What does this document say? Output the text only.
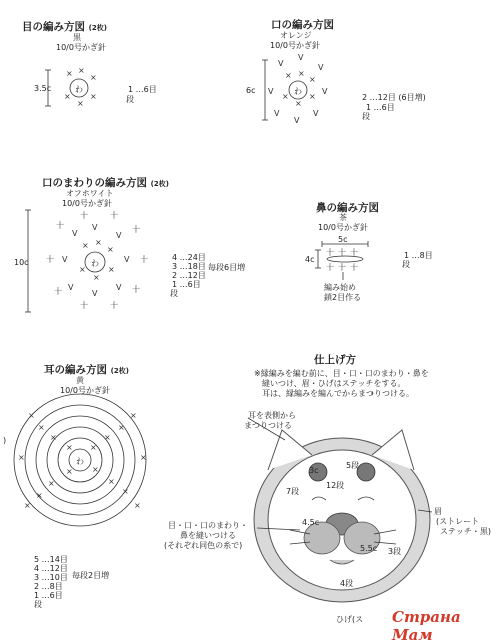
× ×
×
×
×
×
× ×
×
×
×
×
V
V
V
V
V
V
V
V
× ×
×
×
×
×
V
V
V
V
V
V
V
V
十
十	十
十
十
十
十
十
十
十
十 十 十
十 十 十
× ×
×
×
×	×
×
×
×	×
×
×
×	×
×
×
×	×
目の編み方図 (2枚)
黒
10/0号かぎ針
3.5c	わ	1 …6目
段
口の編み方図
オレンジ
10/0号かぎ針
6c	わ
2 …12目 (6目増)
1 …6目
段
口のまわりの編み方図 (2枚)
オフホワイト
10/0号かぎ針
10c	わ
4 …24目
3 …18目
2 …12目
1 …6目
段
毎段6目増
鼻の編み方図
茶
10/0号かぎ針
5c
4c	1 …8目
段
編み始め
鎖2目作る
耳の編み方図 (2枚)
黄
10/0号かぎ針
わ
)
5 …14目
4 …12目
3 …10目
2 …8目
1 …6目
段
毎段2目増
仕上げ方
※縁編みを編む前に、目・口・口のまわり・鼻を
縫いつけ、眉・ひげはステッチをする。
耳は、縁編みを編んでからまつりつける。
耳を表側から
まつりつける
目・口・口のまわり・
鼻を縫いつける
(それぞれ同色の糸で)
眉
(ストレート
ステッチ・黒)
3c
5段
12段
7段
4.5c
5.5c 3段
4段
ひげ(ス Страна Мам
